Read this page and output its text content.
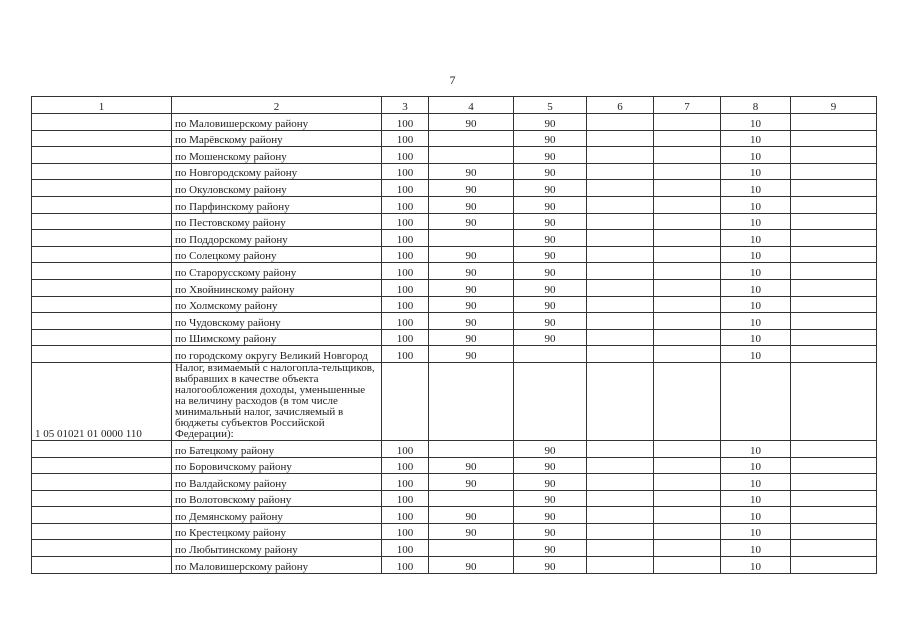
7
1	2	3	4	5	6	7	8	9
	по Маловишерскому району	100	90	90			10	
	по Марёвскому району	100		90			10	
	по Мошенскому району	100		90			10	
	по Новгородскому району	100	90	90			10	
	по Окуловскому району	100	90	90			10	
	по Парфинскому району	100	90	90			10	
	по Пестовскому району	100	90	90			10	
	по Поддорскому району	100		90			10	
	по Солецкому району	100	90	90			10	
	по Старорусскому району	100	90	90			10	
	по Хвойнинскому району	100	90	90			10	
	по Холмскому району	100	90	90			10	
	по Чудовскому району	100	90	90			10	
	по Шимскому району	100	90	90			10	
	по городскому округу Великий Новгород	100	90				10	
1 05 01021 01 0000 110	Налог, взимаемый с налогопла-тельщиков, выбравших в качестве объекта налогообложения доходы, уменьшенные на величину расходов (в том числе минимальный налог, зачисляемый в бюджеты субъектов Российской Федерации):							
	по Батецкому району	100		90			10	
	по Боровичскому району	100	90	90			10	
	по Валдайскому району	100	90	90			10	
	по Волотовскому району	100		90			10	
	по Демянскому району	100	90	90			10	
	по Крестецкому району	100	90	90			10	
	по Любытинскому району	100		90			10	
	по Маловишерскому району	100	90	90			10	
